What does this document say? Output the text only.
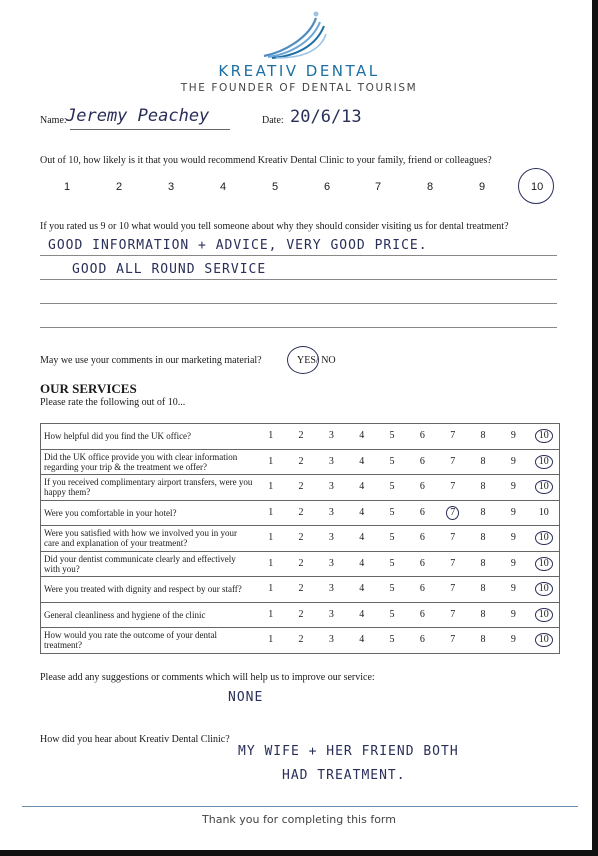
KREATIV DENTAL
THE FOUNDER OF DENTAL TOURISM
Name: Jeremy Peachey	Date: 20/6/13
Out of 10, how likely is it that you would recommend Kreativ Dental Clinic to your family, friend or colleagues?
1	2	3	4	5	6	7	8	9	10
If you rated us 9 or 10 what would you tell someone about why they should consider visiting us for dental treatment?
GOOD INFORMATION + ADVICE, VERY GOOD PRICE.
GOOD ALL ROUND SERVICE
May we use your comments in our marketing material?	YES/ NO
OUR SERVICES
Please rate the following out of 10...
How helpful did you find the UK office?	1	2	3	4	5	6	7	8	9	10
Did the UK office provide you with clear information regarding your trip & the treatment we offer?	1	2	3	4	5	6	7	8	9	10
If you received complimentary airport transfers, were you happy them?	1	2	3	4	5	6	7	8	9	10
Were you comfortable in your hotel?	1	2	3	4	5	6	7	8	9	10
Were you satisfied with how we involved you in your care and explanation of your treatment?	1	2	3	4	5	6	7	8	9	10
Did your dentist communicate clearly and effectively with you?	1	2	3	4	5	6	7	8	9	10
Were you treated with dignity and respect by our staff?	1	2	3	4	5	6	7	8	9	10
General cleanliness and hygiene of the clinic	1	2	3	4	5	6	7	8	9	10
How would you rate the outcome of your dental treatment?	1	2	3	4	5	6	7	8	9	10
Please add any suggestions or comments which will help us to improve our service:
NONE
How did you hear about Kreativ Dental Clinic?
MY WIFE + HER FRIEND BOTH
HAD TREATMENT.
Thank you for completing this form
